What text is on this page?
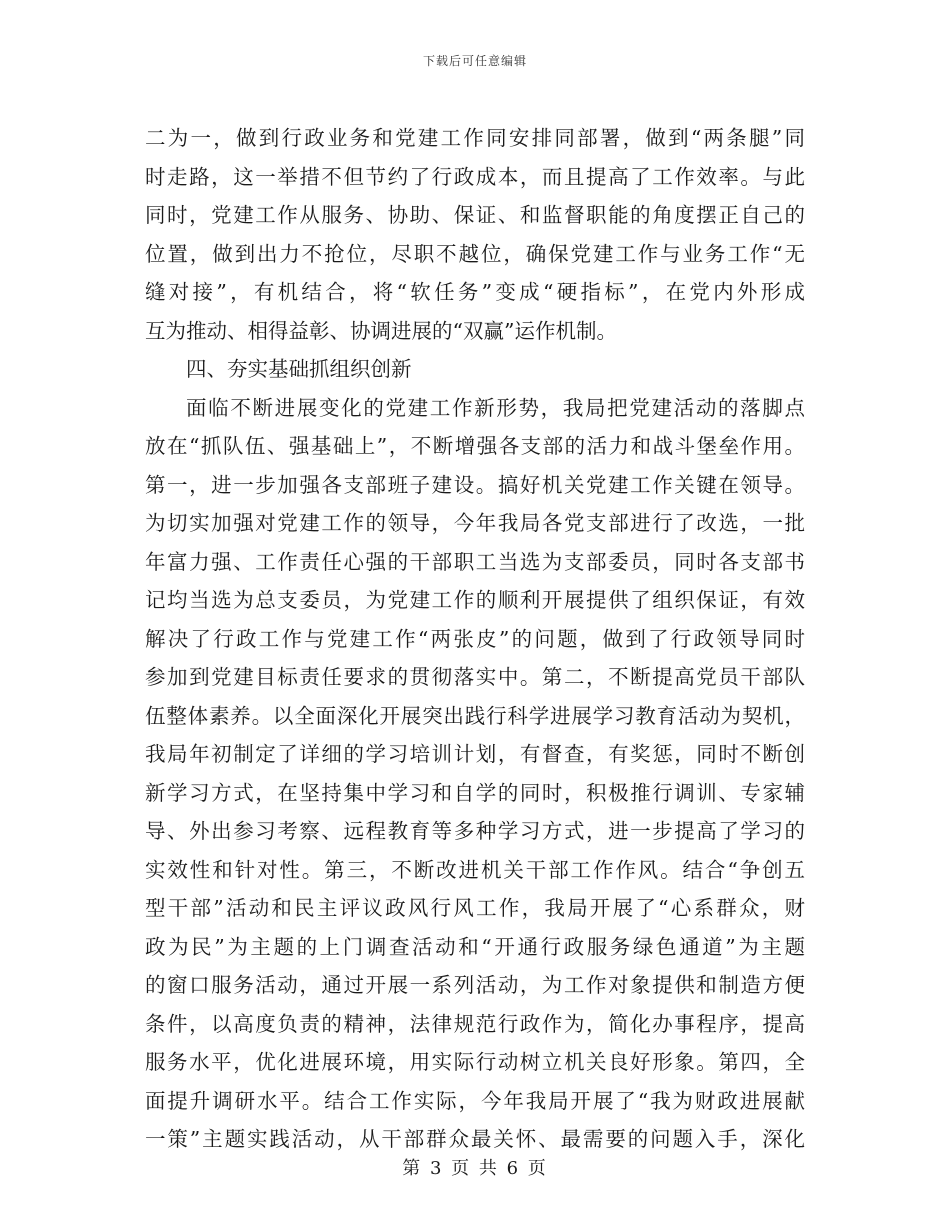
下载后可任意编辑
二为一，做到行政业务和党建工作同安排同部署，做到“两条腿”同
时走路，这一举措不但节约了行政成本，而且提高了工作效率。与此
同时，党建工作从服务、协助、保证、和监督职能的角度摆正自己的
位置，做到出力不抢位，尽职不越位，确保党建工作与业务工作“无
缝对接”，有机结合，将“软任务”变成“硬指标”，在党内外形成
互为推动、相得益彰、协调进展的“双赢”运作机制。
四、夯实基础抓组织创新
面临不断进展变化的党建工作新形势，我局把党建活动的落脚点
放在“抓队伍、强基础上”，不断增强各支部的活力和战斗堡垒作用。
第一，进一步加强各支部班子建设。搞好机关党建工作关键在领导。
为切实加强对党建工作的领导，今年我局各党支部进行了改选，一批
年富力强、工作责任心强的干部职工当选为支部委员，同时各支部书
记均当选为总支委员，为党建工作的顺利开展提供了组织保证，有效
解决了行政工作与党建工作“两张皮”的问题，做到了行政领导同时
参加到党建目标责任要求的贯彻落实中。第二，不断提高党员干部队
伍整体素养。以全面深化开展突出践行科学进展学习教育活动为契机，
我局年初制定了详细的学习培训计划，有督查，有奖惩，同时不断创
新学习方式，在坚持集中学习和自学的同时，积极推行调训、专家辅
导、外出参习考察、远程教育等多种学习方式，进一步提高了学习的
实效性和针对性。第三，不断改进机关干部工作作风。结合“争创五
型干部”活动和民主评议政风行风工作，我局开展了“心系群众，财
政为民”为主题的上门调查活动和“开通行政服务绿色通道”为主题
的窗口服务活动，通过开展一系列活动，为工作对象提供和制造方便
条件，以高度负责的精神，法律规范行政作为，简化办事程序，提高
服务水平，优化进展环境，用实际行动树立机关良好形象。第四，全
面提升调研水平。结合工作实际，今年我局开展了“我为财政进展献
一策”主题实践活动，从干部群众最关怀、最需要的问题入手，深化
第 3 页 共 6 页
